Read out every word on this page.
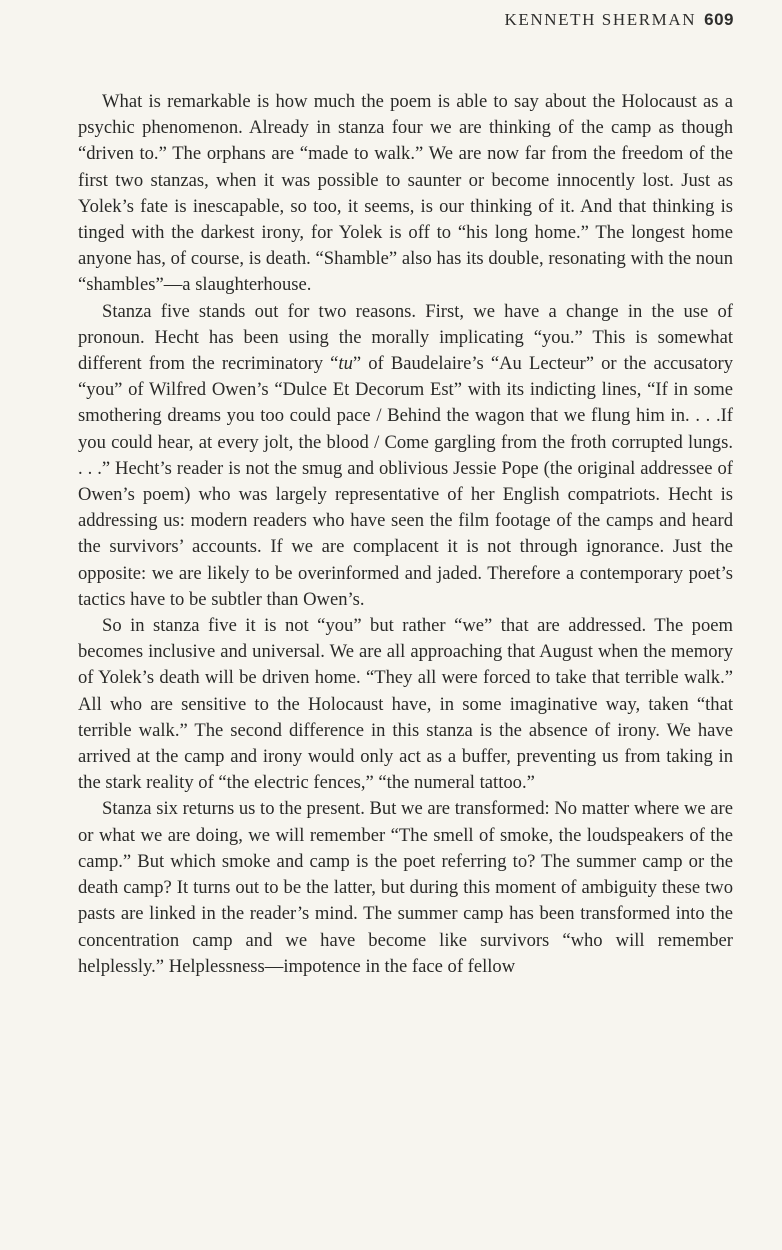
KENNETH SHERMAN 609

What is remarkable is how much the poem is able to say about the Holocaust as a psychic phenomenon. Already in stanza four we are thinking of the camp as though “driven to.” The orphans are “made to walk.” We are now far from the freedom of the first two stanzas, when it was possible to saunter or become innocently lost. Just as Yolek’s fate is inescapable, so too, it seems, is our thinking of it. And that thinking is tinged with the darkest irony, for Yolek is off to “his long home.” The longest home anyone has, of course, is death. “Shamble” also has its double, resonating with the noun “shambles”—a slaughterhouse.

Stanza five stands out for two reasons. First, we have a change in the use of pronoun. Hecht has been using the morally implicating “you.” This is somewhat different from the recriminatory “tu” of Baudelaire’s “Au Lecteur” or the accusatory “you” of Wilfred Owen’s “Dulce Et Decorum Est” with its indicting lines, “If in some smothering dreams you too could pace / Behind the wagon that we flung him in. . . .If you could hear, at every jolt, the blood / Come gargling from the froth corrupted lungs. . . .” Hecht’s reader is not the smug and oblivious Jessie Pope (the original addressee of Owen’s poem) who was largely representative of her English compatriots. Hecht is addressing us: modern readers who have seen the film footage of the camps and heard the survivors’ accounts. If we are complacent it is not through ignorance. Just the opposite: we are likely to be overinformed and jaded. Therefore a contemporary poet’s tactics have to be subtler than Owen’s.

So in stanza five it is not “you” but rather “we” that are addressed. The poem becomes inclusive and universal. We are all approaching that August when the memory of Yolek’s death will be driven home. “They all were forced to take that terrible walk.” All who are sensitive to the Holocaust have, in some imaginative way, taken “that terrible walk.” The second difference in this stanza is the absence of irony. We have arrived at the camp and irony would only act as a buffer, preventing us from taking in the stark reality of “the electric fences,” “the numeral tattoo.”

Stanza six returns us to the present. But we are transformed: No matter where we are or what we are doing, we will remember “The smell of smoke, the loudspeakers of the camp.” But which smoke and camp is the poet referring to? The summer camp or the death camp? It turns out to be the latter, but during this moment of ambiguity these two pasts are linked in the reader’s mind. The summer camp has been transformed into the concentration camp and we have become like survivors “who will remember helplessly.” Helplessness—impotence in the face of fellow
